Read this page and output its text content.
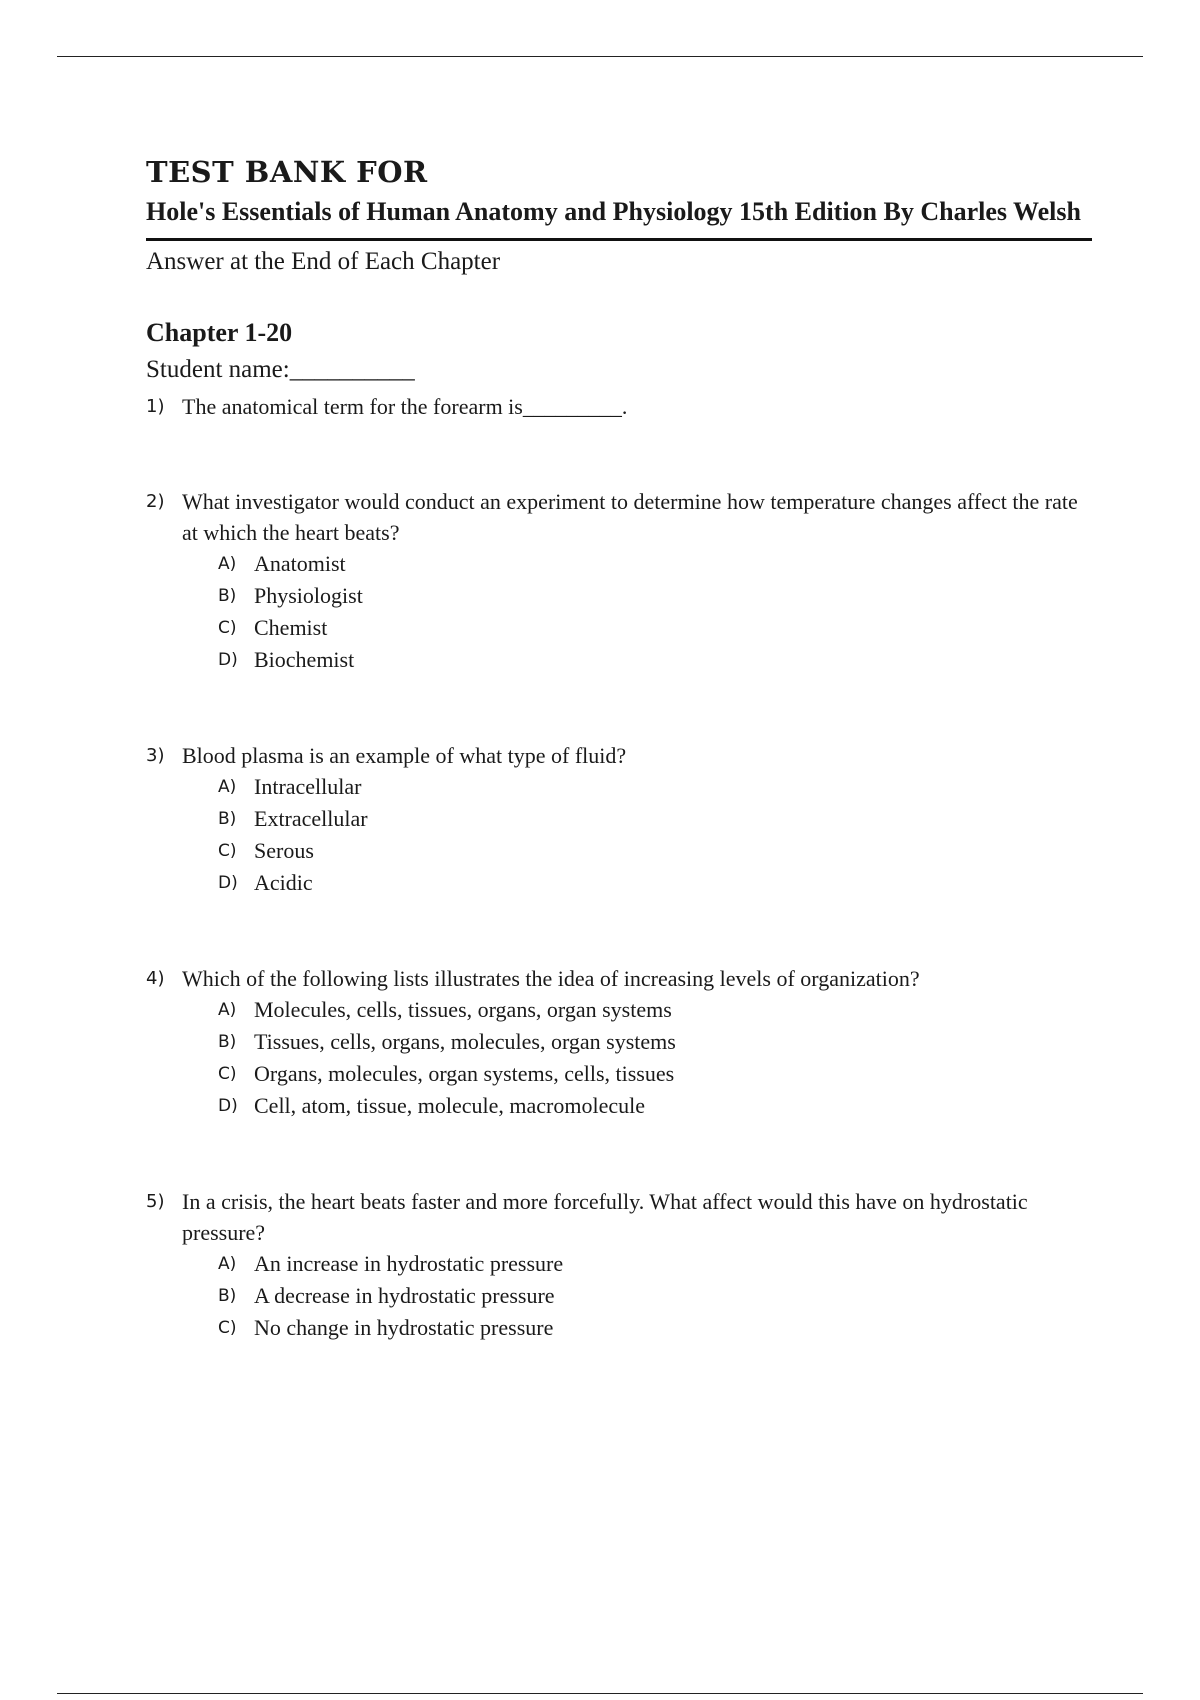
TEST BANK FOR
Hole's Essentials of Human Anatomy and Physiology 15th Edition By Charles Welsh

Answer at the End of Each Chapter

Chapter 1-20

Student name:__________

1) The anatomical term for the forearm is_________.
2) What investigator would conduct an experiment to determine how temperature changes affect the rate at which the heart beats?
A) Anatomist
B) Physiologist
C) Chemist
D) Biochemist
3) Blood plasma is an example of what type of fluid?
A) Intracellular
B) Extracellular
C) Serous
D) Acidic
4) Which of the following lists illustrates the idea of increasing levels of organization?
A) Molecules, cells, tissues, organs, organ systems
B) Tissues, cells, organs, molecules, organ systems
C) Organs, molecules, organ systems, cells, tissues
D) Cell, atom, tissue, molecule, macromolecule
5) In a crisis, the heart beats faster and more forcefully. What affect would this have on hydrostatic pressure?
A) An increase in hydrostatic pressure
B) A decrease in hydrostatic pressure
C) No change in hydrostatic pressure
